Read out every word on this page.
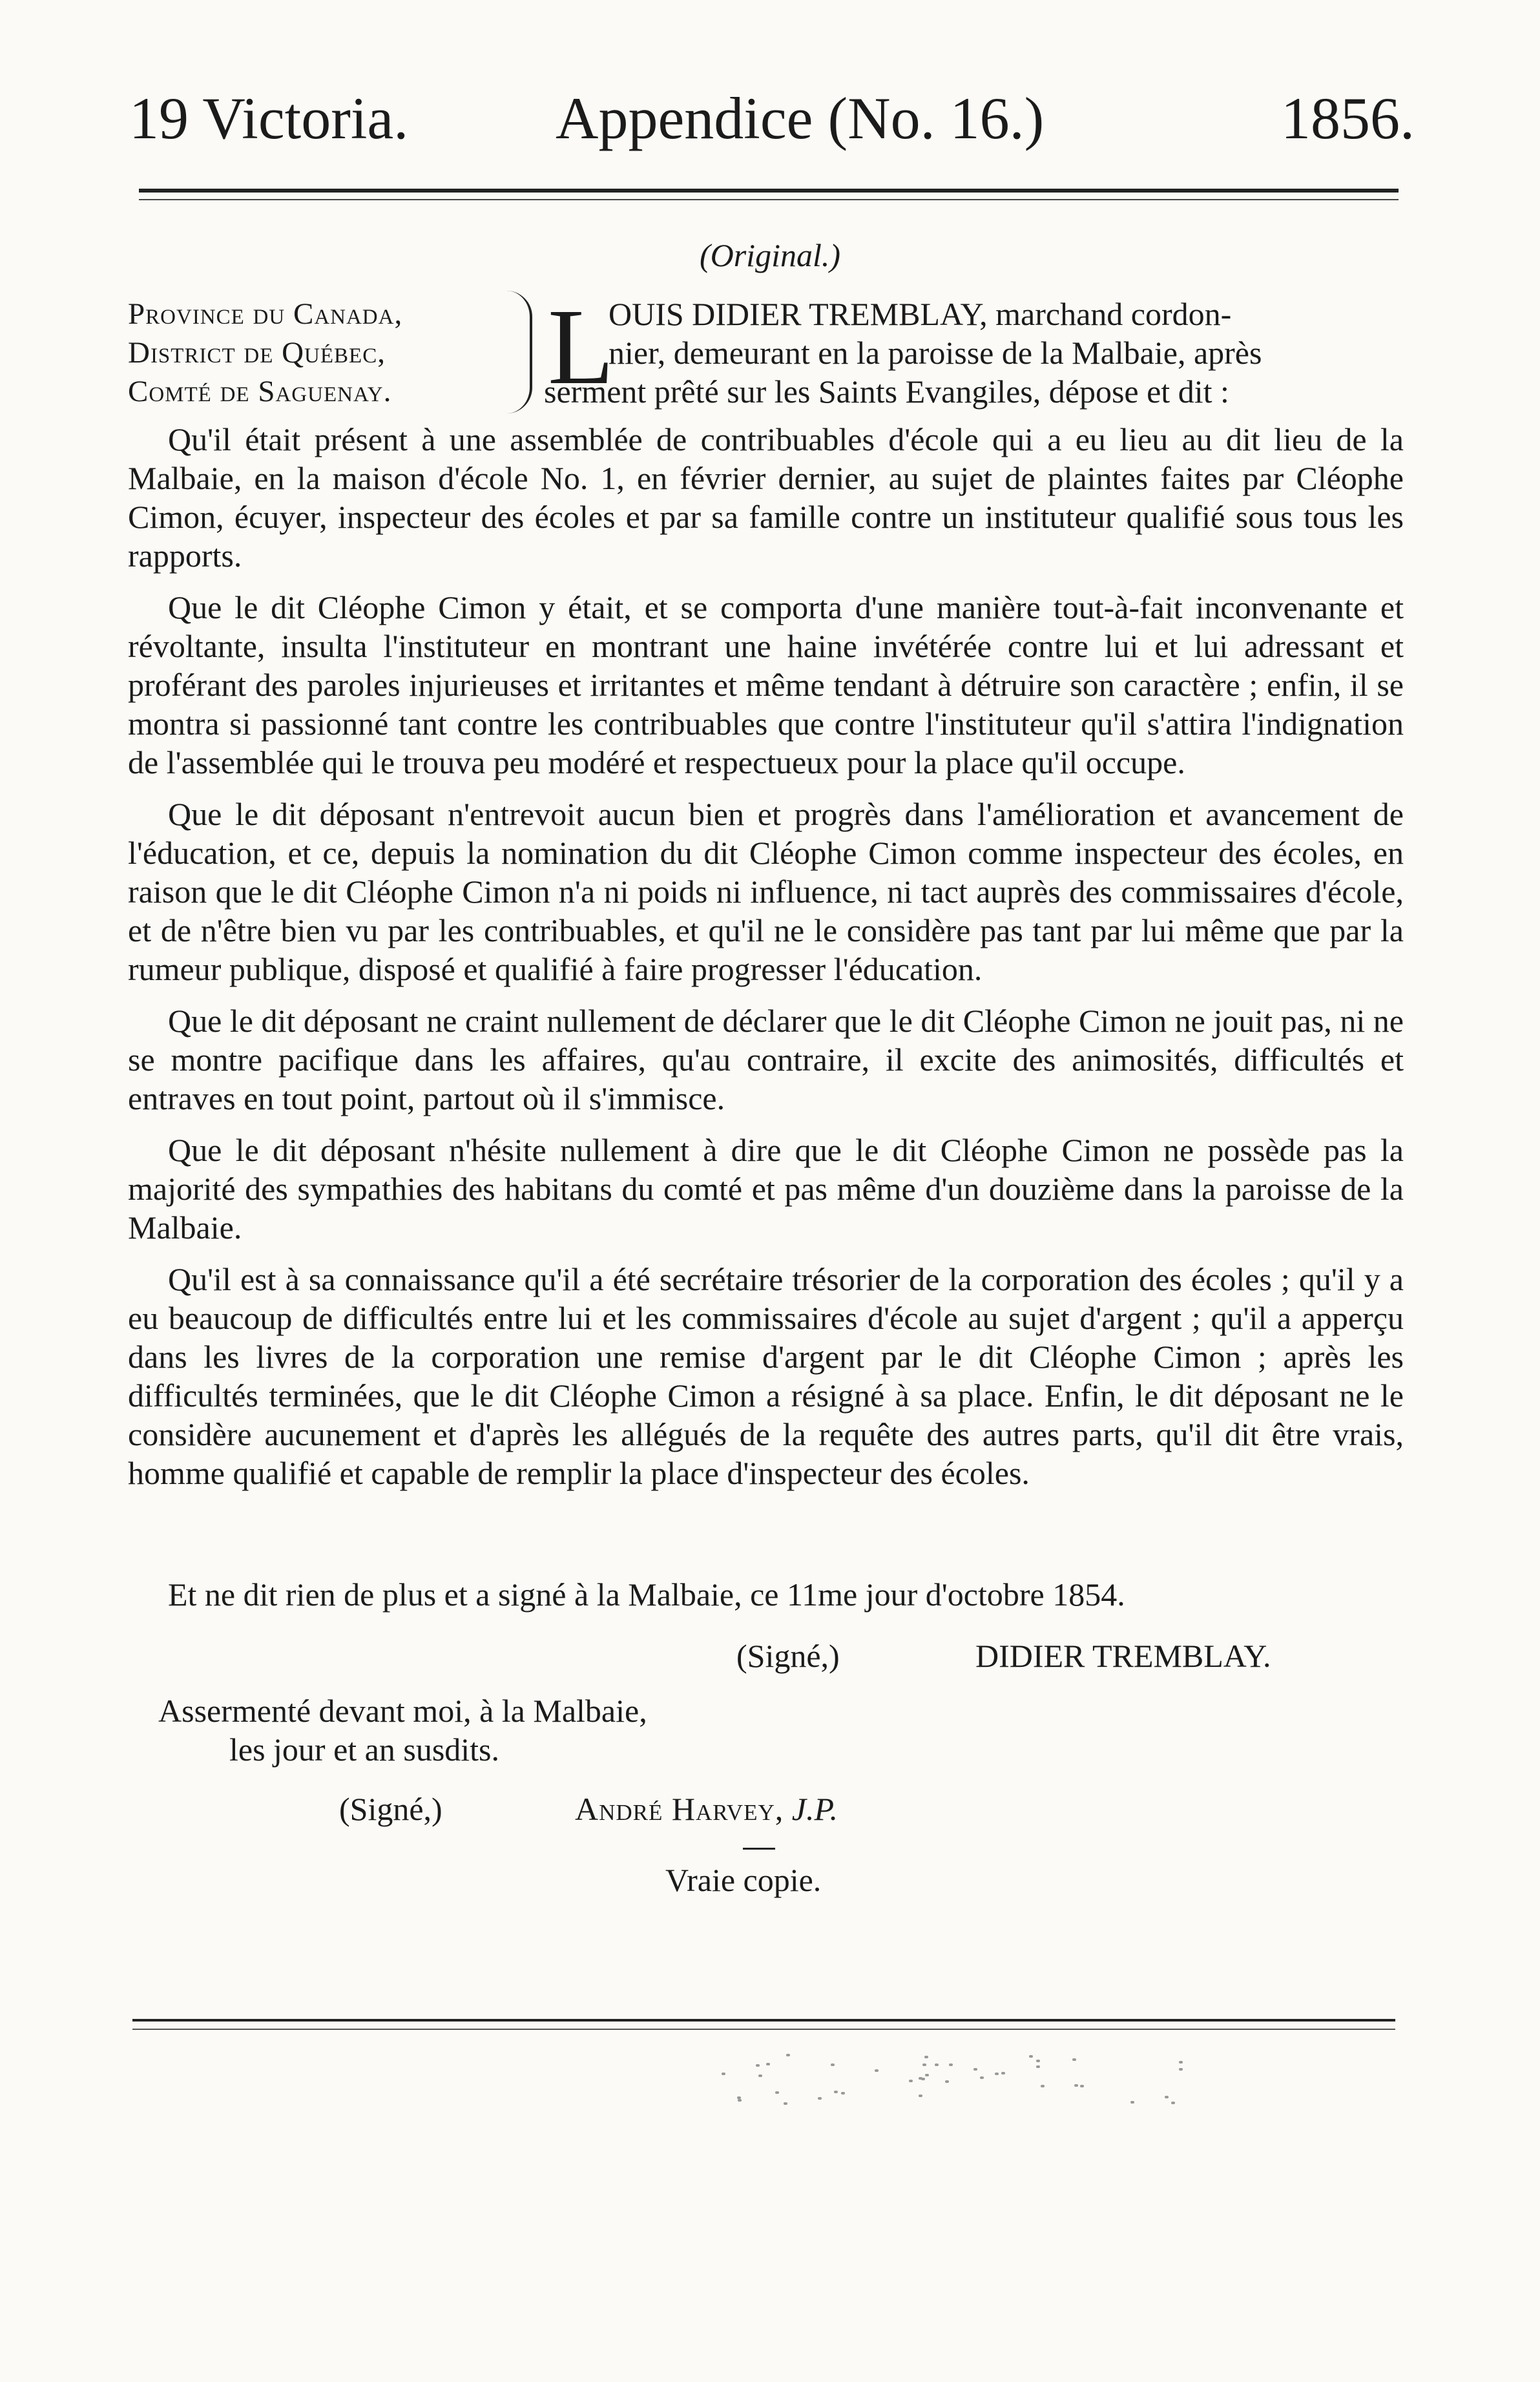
19 Victoria. Appendice (No. 16.)	1856.
(Original.)
Province du Canada,
District de Québec,
Comté de Saguenay.	L
OUIS DIDIER TREMBLAY, marchand cordon-
nier, demeurant en la paroisse de la Malbaie, après
serment prêté sur les Saints Evangiles, dépose et dit :

Qu'il était présent à une assemblée de contribuables d'école qui a eu lieu au dit lieu de la Malbaie, en la maison d'école No. 1, en février dernier, au sujet de plaintes faites par Cléophe Cimon, écuyer, inspecteur des écoles et par sa famille contre un instituteur qualifié sous tous les rapports.

Que le dit Cléophe Cimon y était, et se comporta d'une manière tout-à-fait inconvenante et révoltante, insulta l'instituteur en montrant une haine invétérée contre lui et lui adressant et proférant des paroles injurieuses et irritantes et même tendant à détruire son caractère ; enfin, il se montra si passionné tant contre les contribuables que contre l'instituteur qu'il s'attira l'indignation de l'assemblée qui le trouva peu modéré et respectueux pour la place qu'il occupe.

Que le dit déposant n'entrevoit aucun bien et progrès dans l'amélioration et avancement de l'éducation, et ce, depuis la nomination du dit Cléophe Cimon comme inspecteur des écoles, en raison que le dit Cléophe Cimon n'a ni poids ni influence, ni tact auprès des commissaires d'école, et de n'être bien vu par les contribuables, et qu'il ne le considère pas tant par lui même que par la rumeur publique, disposé et qualifié à faire progresser l'éducation.

Que le dit déposant ne craint nullement de déclarer que le dit Cléophe Cimon ne jouit pas, ni ne se montre pacifique dans les affaires, qu'au contraire, il excite des animosités, difficultés et entraves en tout point, partout où il s'immisce.

Que le dit déposant n'hésite nullement à dire que le dit Cléophe Cimon ne possède pas la majorité des sympathies des habitans du comté et pas même d'un douzième dans la paroisse de la Malbaie.

Qu'il est à sa connaissance qu'il a été secrétaire trésorier de la corporation des écoles ; qu'il y a eu beaucoup de difficultés entre lui et les commissaires d'école au sujet d'argent ; qu'il a apperçu dans les livres de la corporation une remise d'argent par le dit Cléophe Cimon ; après les difficultés terminées, que le dit Cléophe Cimon a résigné à sa place. Enfin, le dit déposant ne le considère aucunement et d'après les allégués de la requête des autres parts, qu'il dit être vrais, homme qualifié et capable de remplir la place d'inspecteur des écoles.

Et ne dit rien de plus et a signé à la Malbaie, ce 11me jour d'octobre 1854.
(Signé,)	DIDIER TREMBLAY.
Assermenté devant moi, à la Malbaie,
les jour et an susdits.
(Signé,)	André Harvey, J.P.
Vraie copie.
